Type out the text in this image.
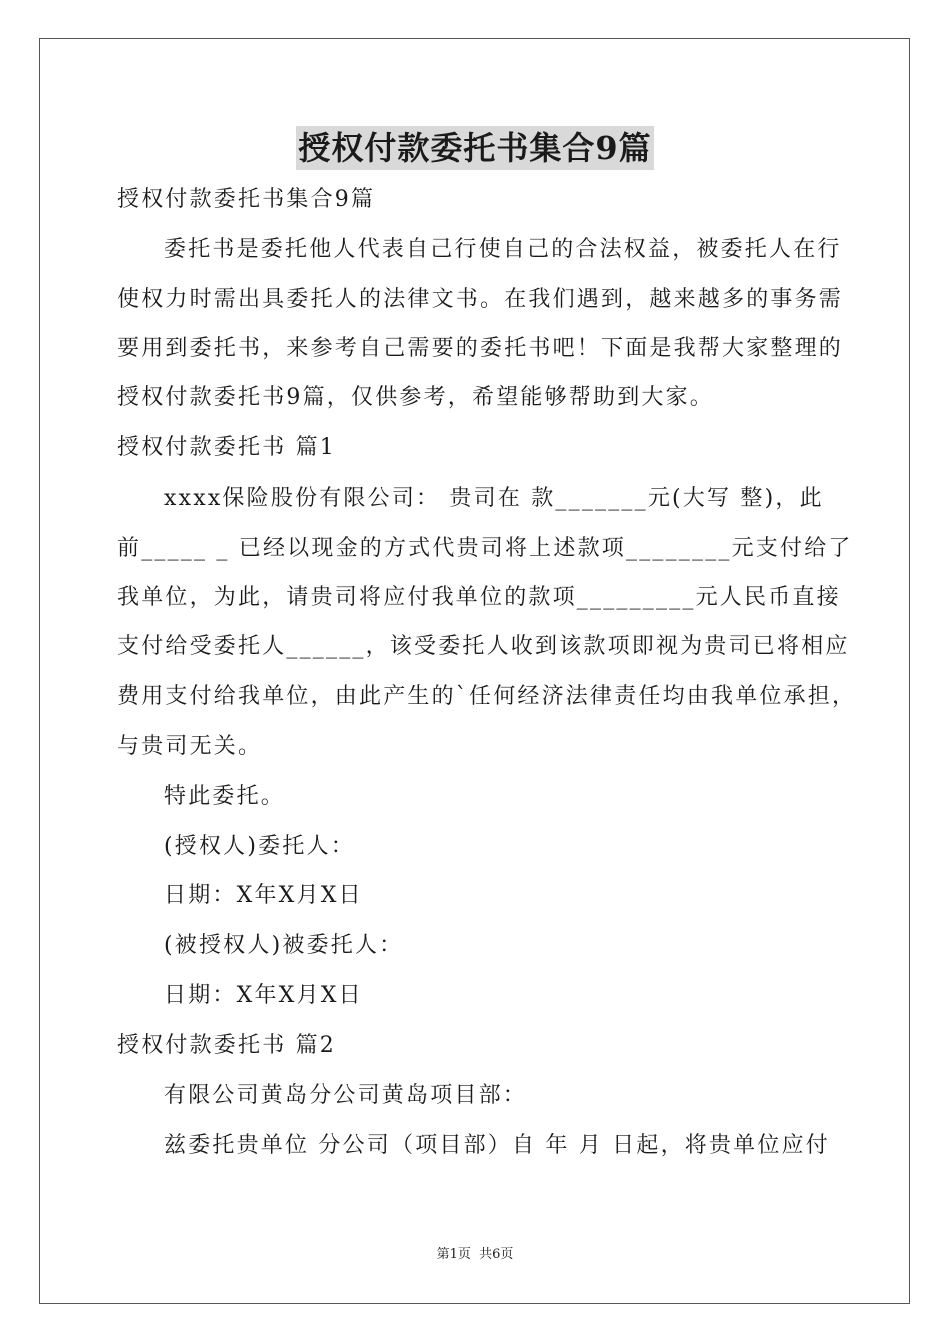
授权付款委托书集合9篇
授权付款委托书集合9篇
委托书是委托他人代表自己行使自己的合法权益，被委托人在行
使权力时需出具委托人的法律文书。在我们遇到，越来越多的事务需
要用到委托书，来参考自己需要的委托书吧！下面是我帮大家整理的
授权付款委托书9篇，仅供参考，希望能够帮助到大家。
授权付款委托书 篇1
xxxx保险股份有限公司： 贵司在 款_______元(大写 整)，此
前_____ _ 已经以现金的方式代贵司将上述款项________元支付给了
我单位，为此，请贵司将应付我单位的款项_________元人民币直接
支付给受委托人______，该受委托人收到该款项即视为贵司已将相应
费用支付给我单位，由此产生的`任何经济法律责任均由我单位承担，
与贵司无关。
特此委托。
(授权人)委托人：
日期：X年X月X日
(被授权人)被委托人：
日期：X年X月X日
授权付款委托书 篇2
有限公司黄岛分公司黄岛项目部：
兹委托贵单位 分公司（项目部）自 年 月 日起，将贵单位应付
第1页  共6页
